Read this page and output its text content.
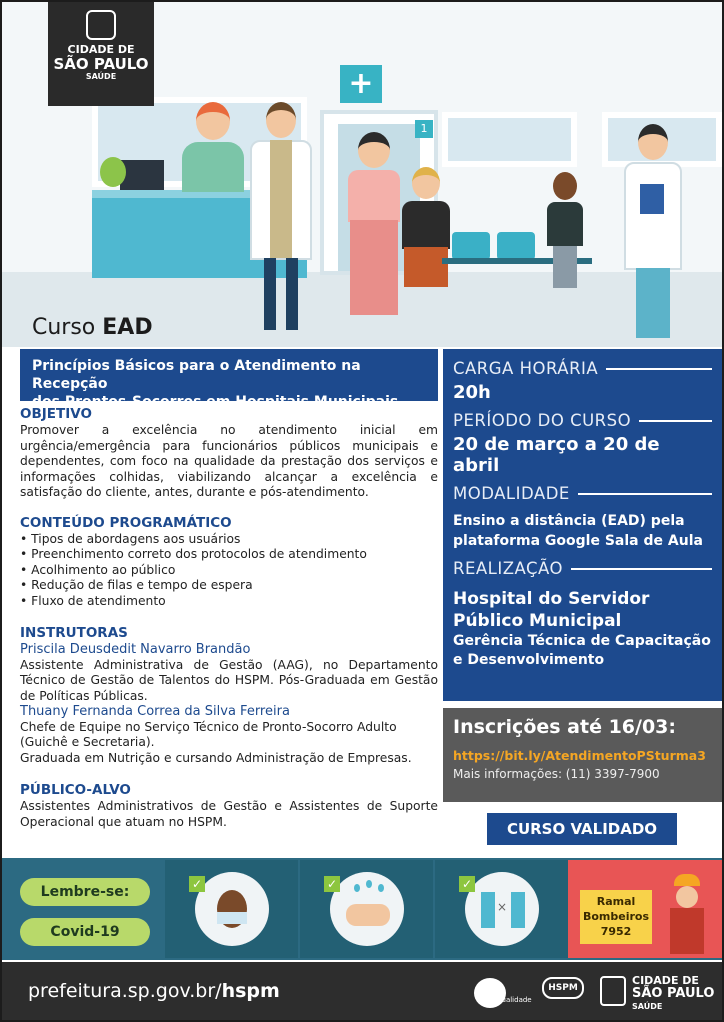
+
1
CIDADE DE
SÃO PAULO
SAÚDE
Curso EAD
Princípios Básicos para o Atendimento na Recepção
dos Prontos-Socorros em Hospitais Municipais
OBJETIVO
Promover a excelência no atendimento inicial em urgência/emergência para funcionários públicos municipais e dependentes, com foco na qualidade da prestação dos serviços e informações colhidas, viabilizando alcançar a excelência e satisfação do cliente, antes, durante e pós-atendimento.
CONTEÚDO PROGRAMÁTICO
• Tipos de abordagens aos usuários
• Preenchimento correto dos protocolos de atendimento
• Acolhimento ao público
• Redução de filas e tempo de espera
• Fluxo de atendimento
INSTRUTORAS
Priscila Deusdedit Navarro Brandão
Assistente Administrativa de Gestão (AAG), no Departamento Técnico de Gestão de Talentos do HSPM. Pós-Graduada em Gestão de Políticas Públicas.
Thuany Fernanda Correa da Silva Ferreira
Chefe de Equipe no Serviço Técnico de Pronto-Socorro Adulto (Guichê e Secretaria).
Graduada em Nutrição e cursando Administração de Empresas.
PÚBLICO-ALVO
Assistentes Administrativos de Gestão e Assistentes de Suporte Operacional que atuam no HSPM.
CARGA HORÁRIA
20h
PERÍODO DO CURSO
20 de março a 20 de abril
MODALIDADE
Ensino a distância (EAD) pela plataforma Google Sala de Aula
REALIZAÇÃO
Hospital do Servidor
Público Municipal
Gerência Técnica de Capacitação
e Desenvolvimento
Inscrições até 16/03:
https://bit.ly/AtendimentoPSturma3
Mais informações: (11) 3397-7900
CURSO VALIDADO
Lembre-se:
Covid-19
✓	✓
×
✓
Ramal
Bombeiros
7952
prefeitura.sp.gov.br/hspm	Qualidade
HSPM
CIDADE DE
SÃO PAULO
SAÚDE
